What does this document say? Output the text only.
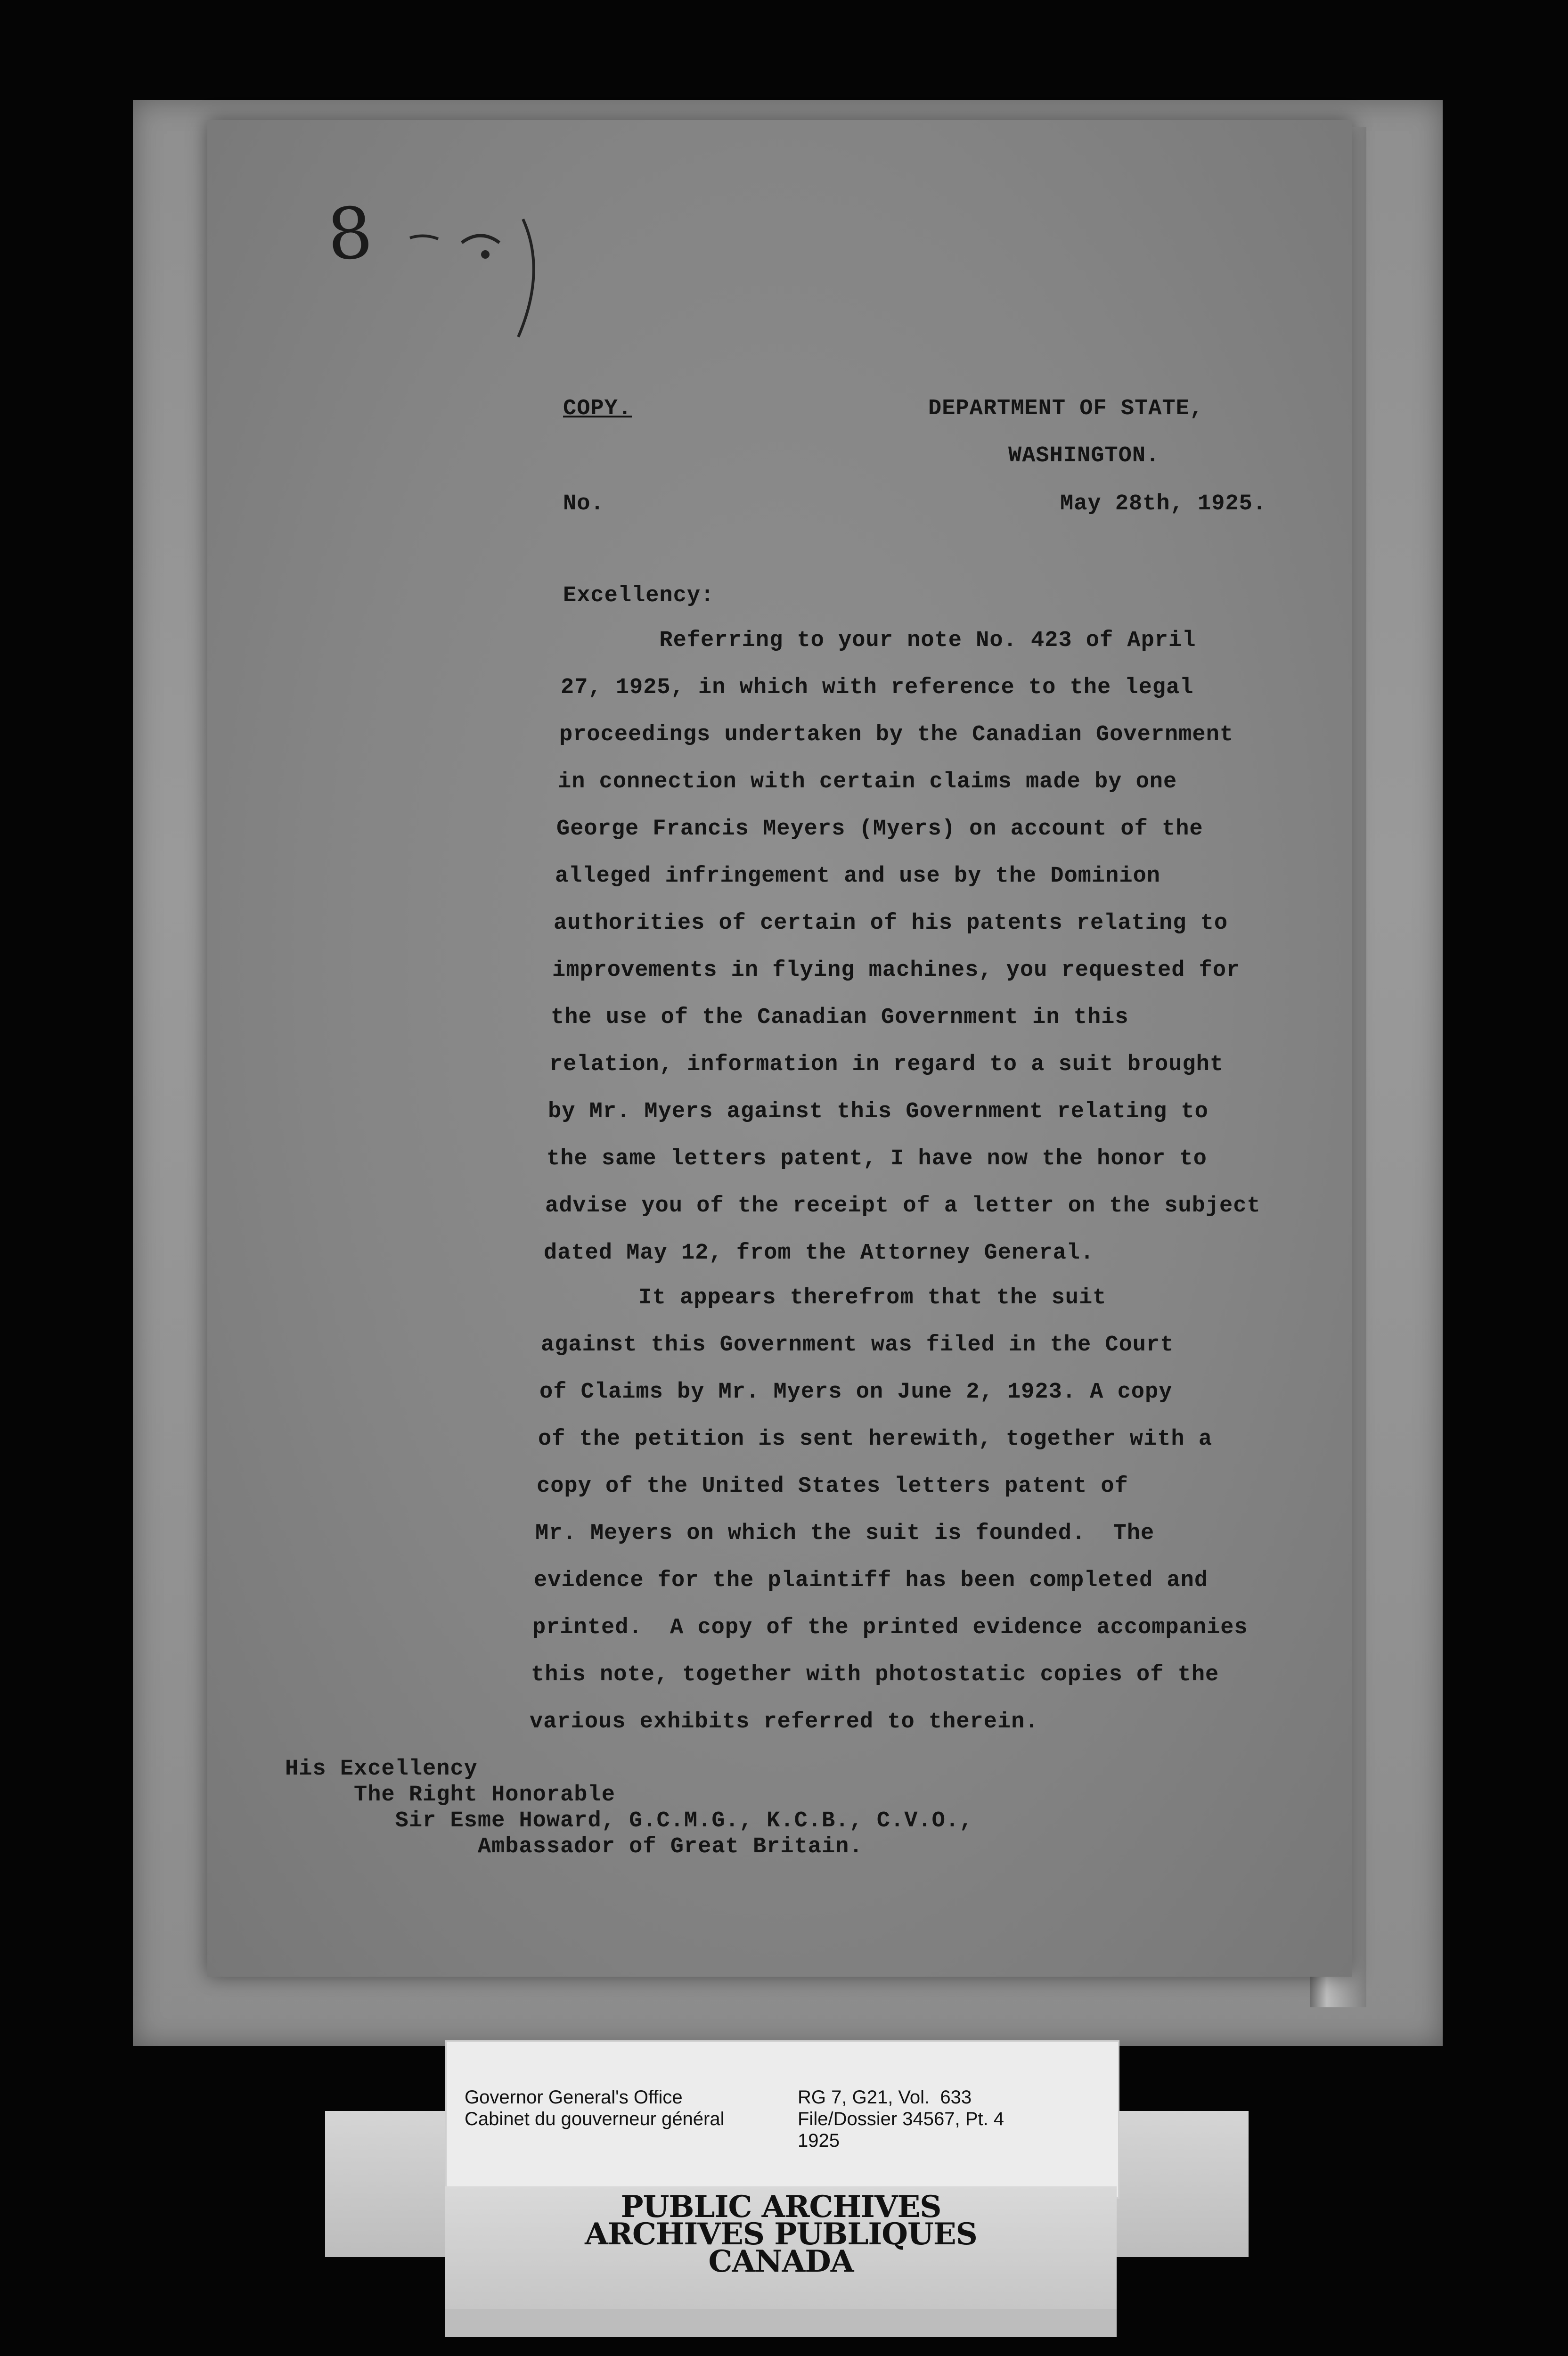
8
COPY.	DEPARTMENT OF STATE,
WASHINGTON.
No.	May 28th, 1925.
Excellency:
Referring to your note No. 423 of April
27, 1925, in which with reference to the legal
proceedings undertaken by the Canadian Government
in connection with certain claims made by one
George Francis Meyers (Myers) on account of the
alleged infringement and use by the Dominion
authorities of certain of his patents relating to
improvements in flying machines, you requested for
the use of the Canadian Government in this
relation, information in regard to a suit brought
by Mr. Myers against this Government relating to
the same letters patent, I have now the honor to
advise you of the receipt of a letter on the subject
dated May 12, from the Attorney General.
It appears therefrom that the suit
against this Government was filed in the Court
of Claims by Mr. Myers on June 2, 1923. A copy
of the petition is sent herewith, together with a
copy of the United States letters patent of
Mr. Meyers on which the suit is founded.  The
evidence for the plaintiff has been completed and
printed.  A copy of the printed evidence accompanies
this note, together with photostatic copies of the
various exhibits referred to therein.
His Excellency
The Right Honorable
Sir Esme Howard, G.C.M.G., K.C.B., C.V.O.,
Ambassador of Great Britain.
Governor General's Office
Cabinet du gouverneur général
RG 7, G21, Vol.  633
File/Dossier 34567, Pt. 4
1925
PUBLIC ARCHIVES
ARCHIVES PUBLIQUES
CANADA
